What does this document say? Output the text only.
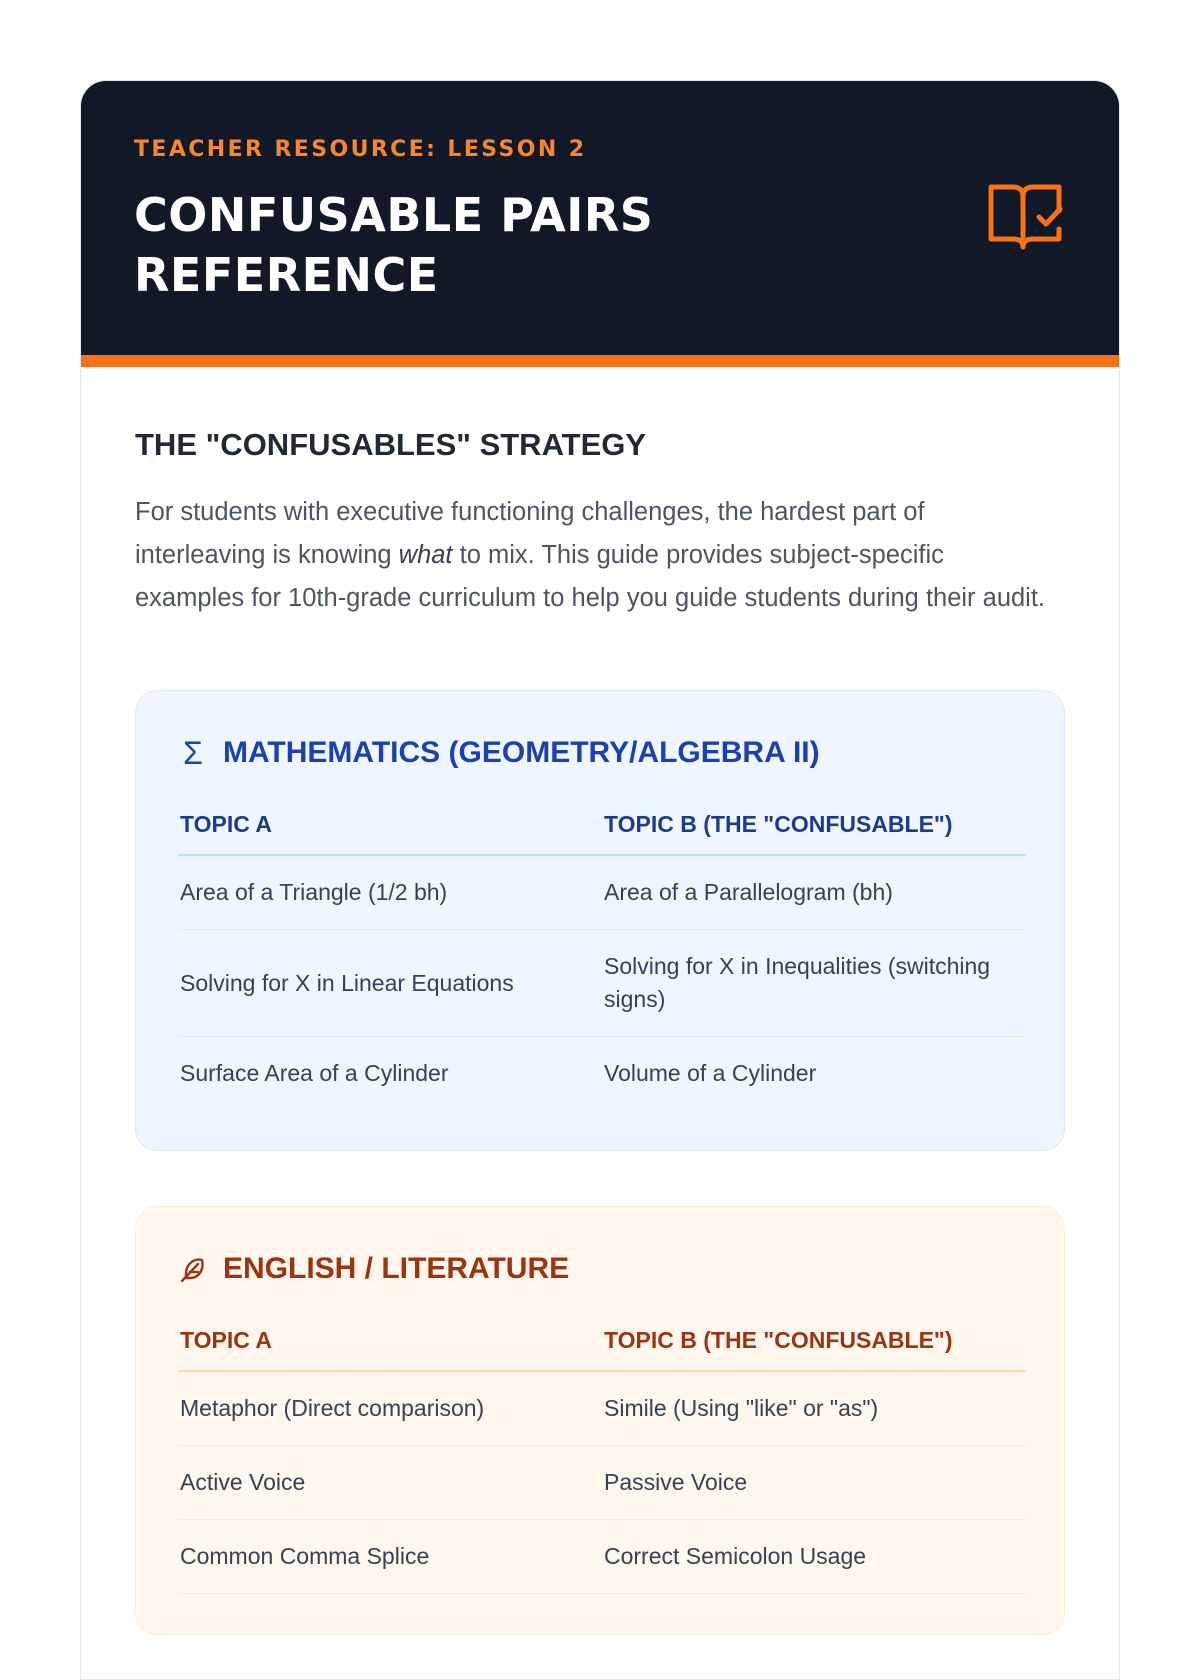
TEACHER RESOURCE: LESSON 2
CONFUSABLE PAIRS REFERENCE
THE "CONFUSABLES" STRATEGY

For students with executive functioning challenges, the hardest part of interleaving is knowing what to mix. This guide provides subject-specific examples for 10th-grade curriculum to help you guide students during their audit.

Σ MATHEMATICS (GEOMETRY/ALGEBRA II)
TOPIC A	TOPIC B (THE "CONFUSABLE")
Area of a Triangle (1/2 bh)	Area of a Parallelogram (bh)
Solving for X in Linear Equations	Solving for X in Inequalities (switching signs)
Surface Area of a Cylinder	Volume of a Cylinder
ENGLISH / LITERATURE
TOPIC A	TOPIC B (THE "CONFUSABLE")
Metaphor (Direct comparison)	Simile (Using "like" or "as")
Active Voice	Passive Voice
Common Comma Splice	Correct Semicolon Usage
